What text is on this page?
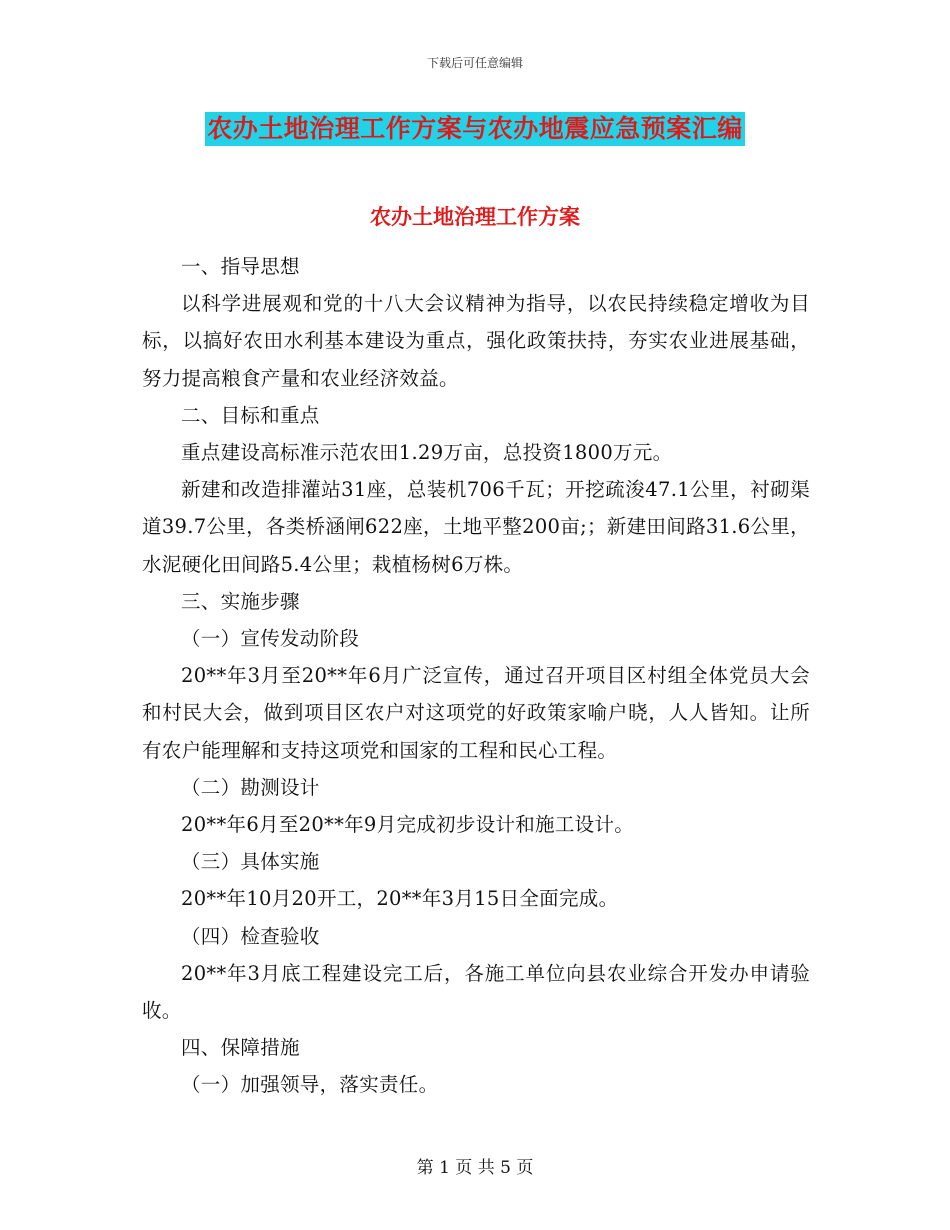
下载后可任意编辑
农办土地治理工作方案与农办地震应急预案汇编
农办土地治理工作方案

一、指导思想

以科学进展观和党的十八大会议精神为指导，以农民持续稳定增收为目标，以搞好农田水利基本建设为重点，强化政策扶持，夯实农业进展基础，努力提高粮食产量和农业经济效益。

二、目标和重点

重点建设高标准示范农田1.29万亩，总投资1800万元。

新建和改造排灌站31座，总装机706千瓦；开挖疏浚47.1公里，衬砌渠道39.7公里，各类桥涵闸622座，土地平整200亩;；新建田间路31.6公里，水泥硬化田间路5.4公里；栽植杨树6万株。

三、实施步骤

（一）宣传发动阶段

20**年3月至20**年6月广泛宣传，通过召开项目区村组全体党员大会和村民大会，做到项目区农户对这项党的好政策家喻户晓，人人皆知。让所有农户能理解和支持这项党和国家的工程和民心工程。

（二）勘测设计

20**年6月至20**年9月完成初步设计和施工设计。

（三）具体实施

20**年10月20开工，20**年3月15日全面完成。

（四）检查验收

20**年3月底工程建设完工后，各施工单位向县农业综合开发办申请验收。

四、保障措施

（一）加强领导，落实责任。

第 1 页 共 5 页
